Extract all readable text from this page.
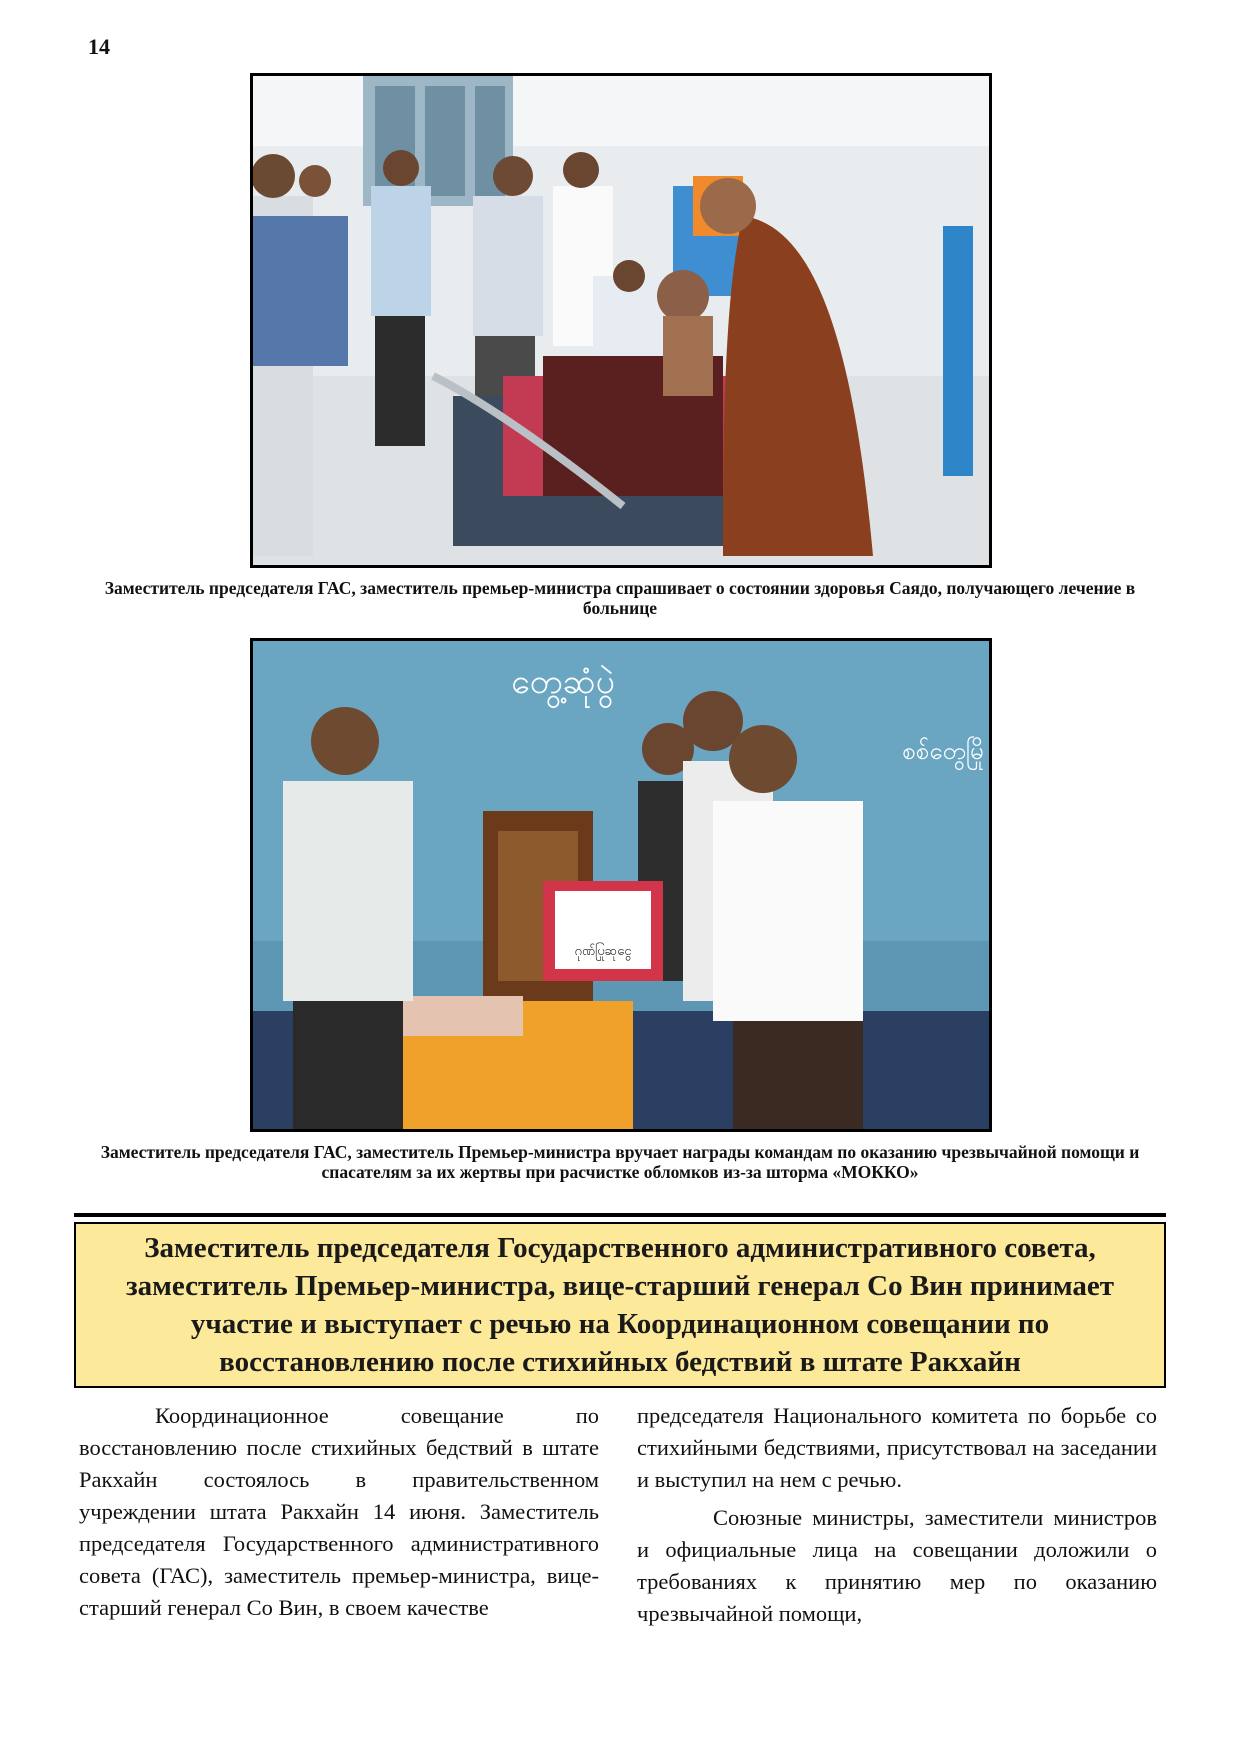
14
Заместитель председателя ГАС, заместитель премьер-министра спрашивает о состоянии здоровья Саядо, получающего лечение в больнице
တွေ့ဆုံပွဲ
စစ်တွေမြို
ဂုဏ်ပြုဆုငွေ
Заместитель председателя ГАС, заместитель Премьер-министра вручает награды командам по оказанию чрезвычайной помощи и спасателям за их жертвы при расчистке обломков из-за шторма «МОККО»
Заместитель председателя Государственного административного совета, заместитель Премьер-министра, вице-старший генерал Со Вин принимает участие и выступает с речью на Координационном совещании по восстановлению после стихийных бедствий в штате Ракхайн

Координационное совещание по восстановлению после стихийных бедствий в штате Ракхайн состоялось в правительственном учреждении штата Ракхайн 14 июня. Заместитель председателя Государственного административного совета (ГАС), заместитель премьер-министра, вице-старший генерал Со Вин, в своем качестве

председателя Национального комитета по борьбе со стихийными бедствиями, присутствовал на заседании и выступил на нем с речью.

Союзные министры, заместители министров и официальные лица на совещании доложили о требованиях к принятию мер по оказанию чрезвычайной помощи,
